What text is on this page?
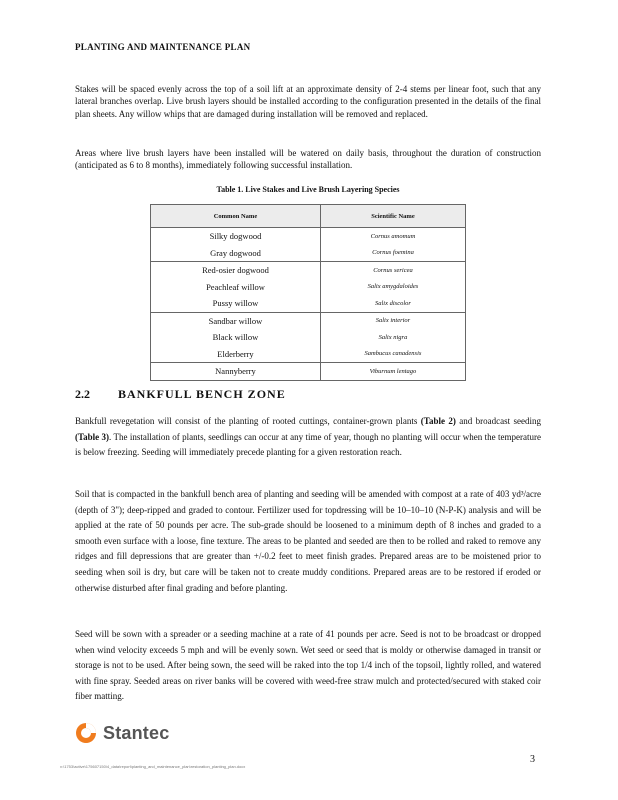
PLANTING AND MAINTENANCE PLAN

Stakes will be spaced evenly across the top of a soil lift at an approximate density of 2-4 stems per linear foot, such that any lateral branches overlap. Live brush layers should be installed according to the configuration presented in the details of the final plan sheets. Any willow whips that are damaged during installation will be removed and replaced.

Areas where live brush layers have been installed will be watered on daily basis, throughout the duration of construction (anticipated as 6 to 8 months), immediately following successful installation.

Table 1. Live Stakes and Live Brush Layering Species
Common Name	Scientific Name
Silky dogwood	Cornus amomum
Gray dogwood	Cornus foemina
Red-osier dogwood	Cornus sericea
Peachleaf willow	Salix amygdaloides
Pussy willow	Salix discolor
Sandbar willow	Salix interior
Black willow	Salix nigra
Elderberry	Sambucus canadensis
Nannyberry	Viburnum lentago
2.2 BANKFULL BENCH ZONE

Bankfull revegetation will consist of the planting of rooted cuttings, container-grown plants (Table 2) and broadcast seeding (Table 3). The installation of plants, seedlings can occur at any time of year, though no planting will occur when the temperature is below freezing. Seeding will immediately precede planting for a given restoration reach.

Soil that is compacted in the bankfull bench area of planting and seeding will be amended with compost at a rate of 403 yd³/acre (depth of 3"); deep-ripped and graded to contour. Fertilizer used for topdressing will be 10–10–10 (N-P-K) analysis and will be applied at the rate of 50 pounds per acre. The sub-grade should be loosened to a minimum depth of 8 inches and graded to a smooth even surface with a loose, fine texture. The areas to be planted and seeded are then to be rolled and raked to remove any ridges and fill depressions that are greater than +/-0.2 feet to meet finish grades. Prepared areas are to be moistened prior to seeding when soil is dry, but care will be taken not to create muddy conditions. Prepared areas are to be restored if eroded or otherwise disturbed after final grading and before planting.

Seed will be sown with a spreader or a seeding machine at a rate of 41 pounds per acre. Seed is not to be broadcast or dropped when wind velocity exceeds 5 mph and will be evenly sown. Wet seed or seed that is moldy or otherwise damaged in transit or storage is not to be used. After being sown, the seed will be raked into the top 1/4 inch of the topsoil, lightly rolled, and watered with fine spray. Seeded areas on river banks will be covered with weed-free straw mulch and protected/secured with staked coir fiber matting.

Stantec
v:\1753\active\175607150\4_data\report\planting_and_maintenance_plan\restoration_planting_plan.docx
3
